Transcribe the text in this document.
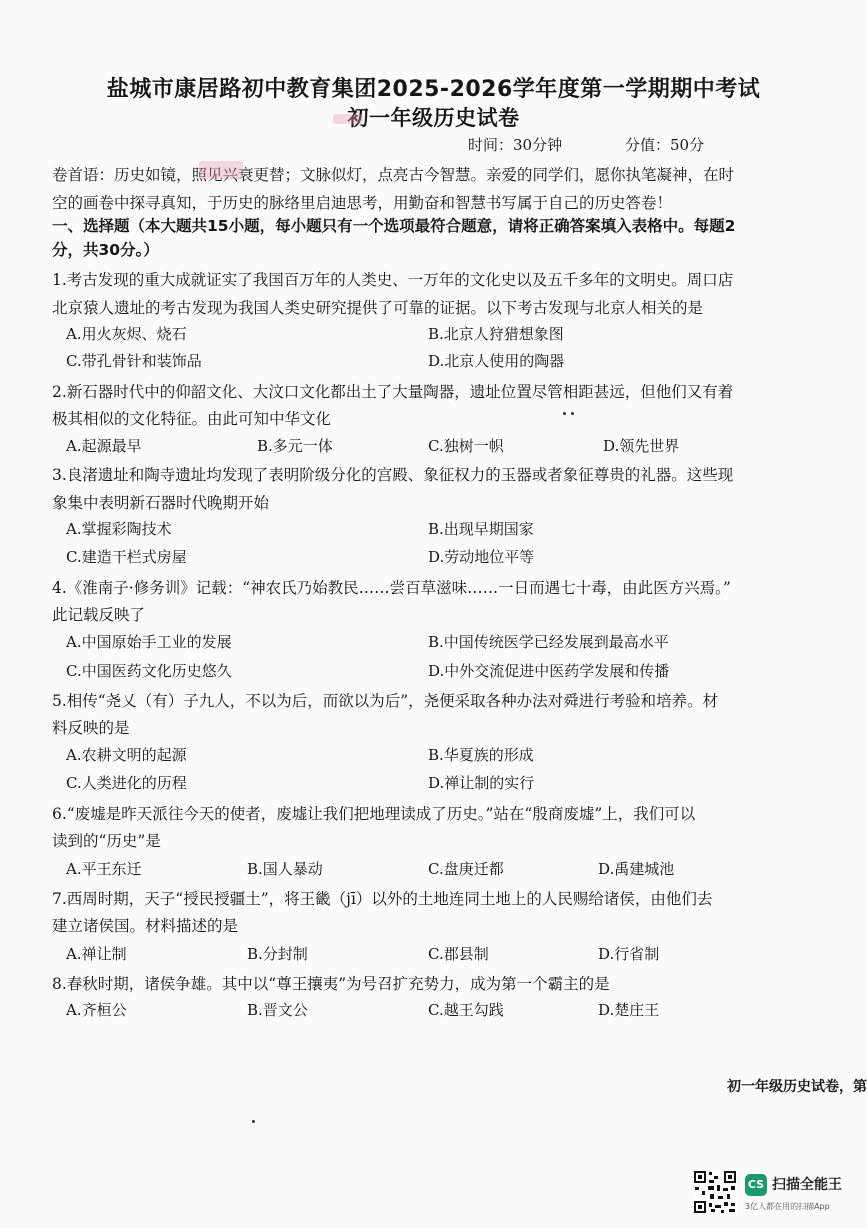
盐城市康居路初中教育集团2025-2026学年度第一学期期中考试
初一年级历史试卷
时间：30分钟	分值：50分
卷首语：历史如镜，照见兴衰更替；文脉似灯，点亮古今智慧。亲爱的同学们，愿你执笔凝神，在时
空的画卷中探寻真知，于历史的脉络里启迪思考，用勤奋和智慧书写属于自己的历史答卷！
一、选择题（本大题共15小题，每小题只有一个选项最符合题意，请将正确答案填入表格中。每题2
分，共30分。）
1.考古发现的重大成就证实了我国百万年的人类史、一万年的文化史以及五千多年的文明史。周口店
北京猿人遗址的考古发现为我国人类史研究提供了可靠的证据。以下考古发现与北京人相关的是
A.用火灰烬、烧石	B.北京人狩猎想象图
C.带孔骨针和装饰品	D.北京人使用的陶器
2.新石器时代中的仰韶文化、大汶口文化都出土了大量陶器，遗址位置尽管相距甚远，但他们又有着
极其相似的文化特征。由此可知中华文化
A.起源最早	B.多元一体	C.独树一帜	D.领先世界
3.良渚遗址和陶寺遗址均发现了表明阶级分化的宫殿、象征权力的玉器或者象征尊贵的礼器。这些现
象集中表明新石器时代晚期开始
A.掌握彩陶技术	B.出现早期国家
C.建造干栏式房屋	D.劳动地位平等
4.《淮南子·修务训》记载：“神农氏乃始教民……尝百草滋味……一日而遇七十毒，由此医方兴焉。”
此记载反映了
A.中国原始手工业的发展	B.中国传统医学已经发展到最高水平
C.中国医药文化历史悠久	D.中外交流促进中医药学发展和传播
5.相传“尧乂（有）子九人，不以为后，而欲以为后”，尧便采取各种办法对舜进行考验和培养。材
料反映的是
A.农耕文明的起源	B.华夏族的形成
C.人类进化的历程	D.禅让制的实行
6.“废墟是昨天派往今天的使者，废墟让我们把地理读成了历史。”站在“殷商废墟”上，我们可以
读到的“历史”是
A.平王东迁	B.国人暴动	C.盘庚迁都	D.禹建城池
7.西周时期，天子“授民授疆土”，将王畿（jī）以外的土地连同土地上的人民赐给诸侯，由他们去
建立诸侯国。材料描述的是
A.禅让制	B.分封制	C.郡县制	D.行省制
8.春秋时期，诸侯争雄。其中以“尊王攘夷”为号召扩充势力，成为第一个霸主的是
A.齐桓公	B.晋文公	C.越王勾践	D.楚庄王
初一年级历史试卷，第
CS 扫描全能王
3亿人都在用的扫描App
